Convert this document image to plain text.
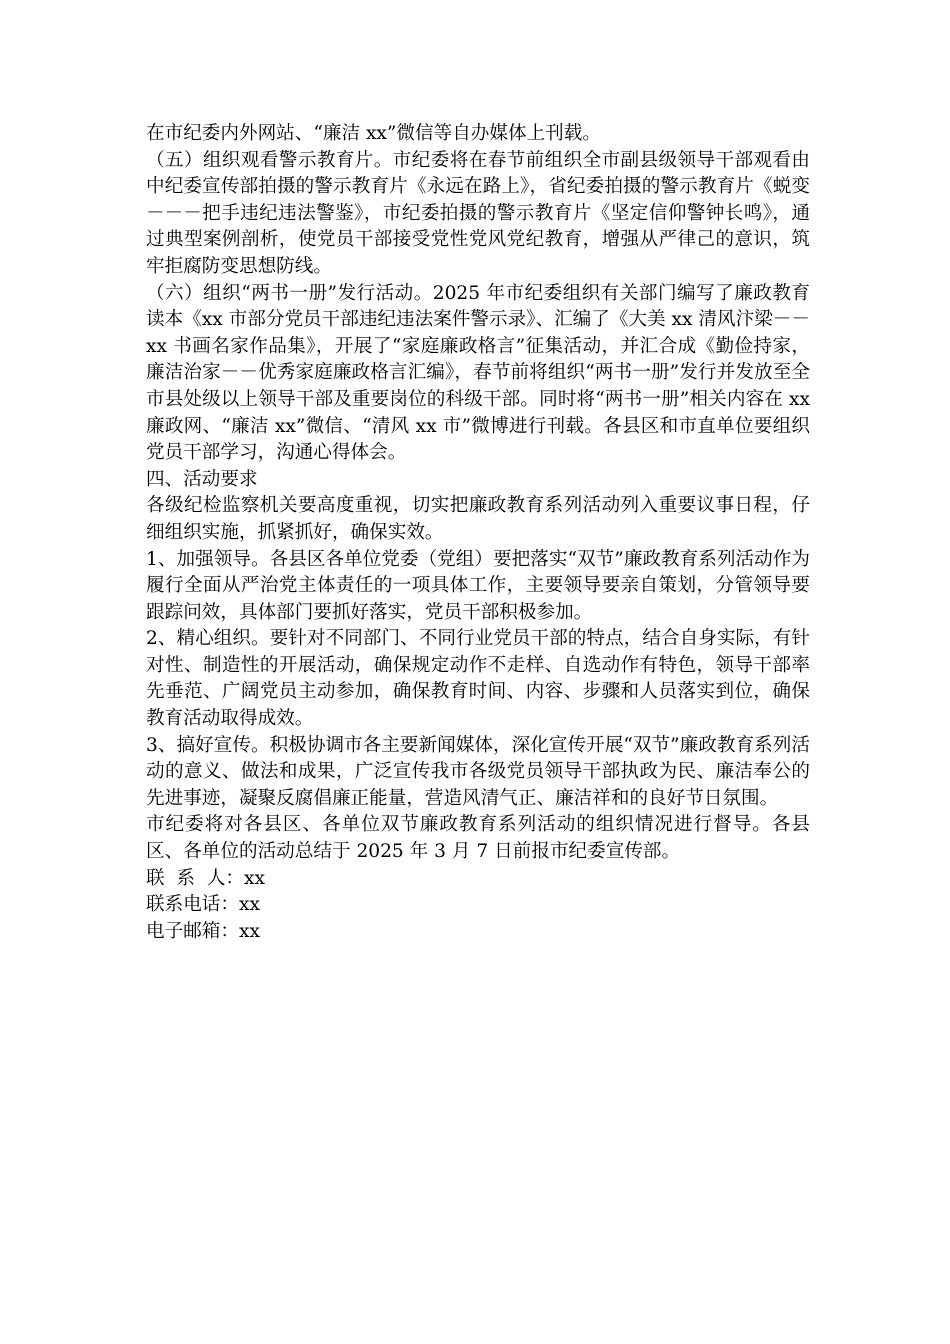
在市纪委内外网站、“廉洁 xx”微信等自办媒体上刊载。

（五）组织观看警示教育片。市纪委将在春节前组织全市副县级领导干部观看由中纪委宣传部拍摄的警示教育片《永远在路上》，省纪委拍摄的警示教育片《蜕变－－－把手违纪违法警鉴》，市纪委拍摄的警示教育片《坚定信仰警钟长鸣》，通过典型案例剖析，使党员干部接受党性党风党纪教育，增强从严律己的意识，筑牢拒腐防变思想防线。

（六）组织“两书一册”发行活动。2025 年市纪委组织有关部门编写了廉政教育读本《xx 市部分党员干部违纪违法案件警示录》、汇编了《大美 xx 清风汴梁－－xx 书画名家作品集》，开展了“家庭廉政格言”征集活动，并汇合成《勤俭持家，廉洁治家－－优秀家庭廉政格言汇编》，春节前将组织“两书一册”发行并发放至全市县处级以上领导干部及重要岗位的科级干部。同时将“两书一册”相关内容在 xx 廉政网、“廉洁 xx”微信、“清风 xx 市”微博进行刊载。各县区和市直单位要组织党员干部学习，沟通心得体会。

四、活动要求

各级纪检监察机关要高度重视，切实把廉政教育系列活动列入重要议事日程，仔细组织实施，抓紧抓好，确保实效。

1、加强领导。各县区各单位党委（党组）要把落实“双节”廉政教育系列活动作为履行全面从严治党主体责任的一项具体工作，主要领导要亲自策划，分管领导要跟踪问效，具体部门要抓好落实，党员干部积极参加。

2、精心组织。要针对不同部门、不同行业党员干部的特点，结合自身实际，有针对性、制造性的开展活动，确保规定动作不走样、自选动作有特色，领导干部率先垂范、广阔党员主动参加，确保教育时间、内容、步骤和人员落实到位，确保教育活动取得成效。

3、搞好宣传。积极协调市各主要新闻媒体，深化宣传开展“双节”廉政教育系列活动的意义、做法和成果，广泛宣传我市各级党员领导干部执政为民、廉洁奉公的先进事迹，凝聚反腐倡廉正能量，营造风清气正、廉洁祥和的良好节日氛围。

市纪委将对各县区、各单位双节廉政教育系列活动的组织情况进行督导。各县区、各单位的活动总结于 2025 年 3 月 7 日前报市纪委宣传部。

联  系  人：xx

联系电话：xx

电子邮箱：xx
